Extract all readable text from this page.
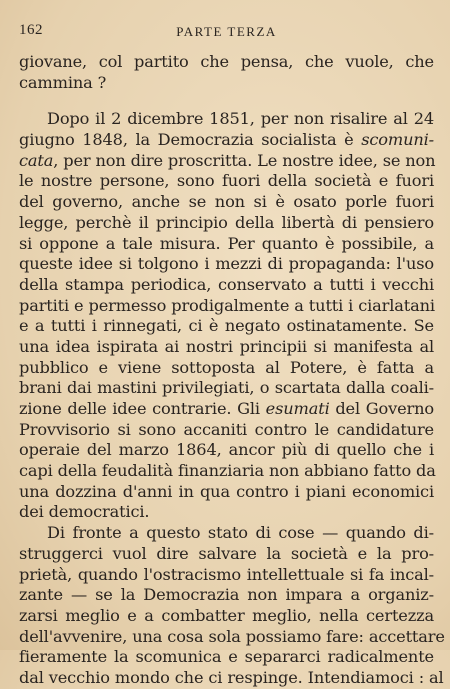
162	PARTE TERZA
giovane, col partito che pensa, che vuole, che
cammina ?
Dopo il 2 dicembre 1851, per non risalire al 24
giugno 1848, la Democrazia socialista è scomuni-
cata, per non dire proscritta. Le nostre idee, se non
le nostre persone, sono fuori della società e fuori
del governo, anche se non si è osato porle fuori
legge, perchè il principio della libertà di pensiero
si oppone a tale misura. Per quanto è possibile, a
queste idee si tolgono i mezzi di propaganda: l'uso
della stampa periodica, conservato a tutti i vecchi
partiti e permesso prodigalmente a tutti i ciarlatani
e a tutti i rinnegati, ci è negato ostinatamente. Se
una idea ispirata ai nostri principii si manifesta al
pubblico e viene sottoposta al Potere, è fatta a
brani dai mastini privilegiati, o scartata dalla coali-
zione delle idee contrarie. Gli esumati del Governo
Provvisorio si sono accaniti contro le candidature
operaie del marzo 1864, ancor più di quello che i
capi della feudalità finanziaria non abbiano fatto da
una dozzina d'anni in qua contro i piani economici
dei democratici.
Di fronte a questo stato di cose — quando di-
struggerci vuol dire salvare la società e la pro-
prietà, quando l'ostracismo intellettuale si fa incal-
zante — se la Democrazia non impara a organiz-
zarsi meglio e a combatter meglio, nella certezza
dell'avvenire, una cosa sola possiamo fare: accettare
fieramente la scomunica e separarci radicalmente
dal vecchio mondo che ci respinge. Intendiamoci : al
